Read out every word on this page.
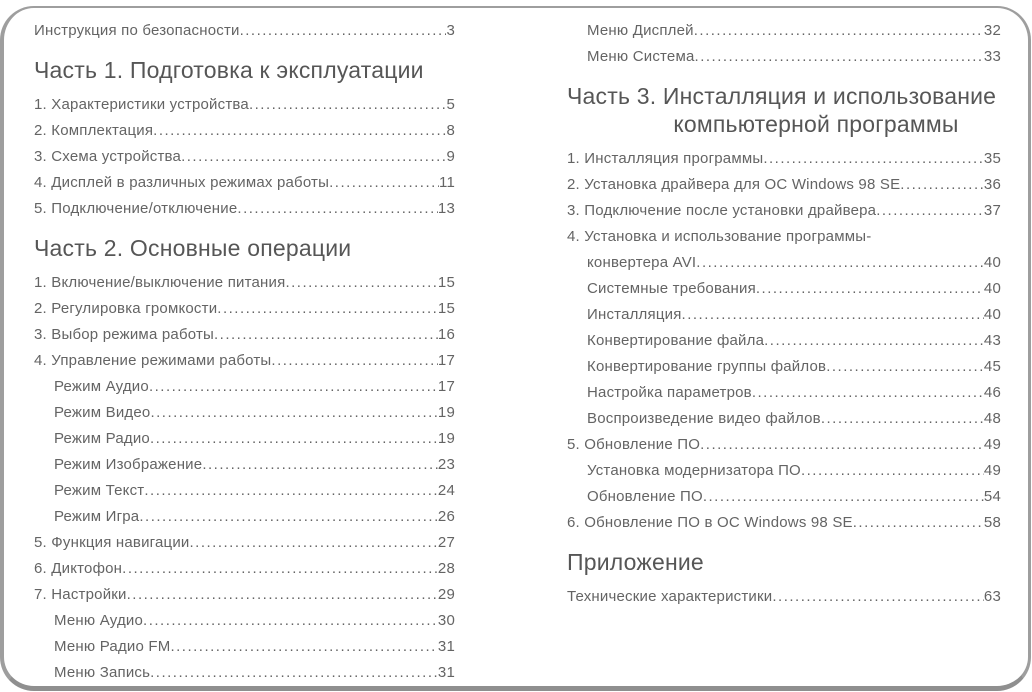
Инструкция по безопасности .....	3
Часть 1. Подготовка к эксплуатации
1. Характеристики устройства .....	5
2. Комплектация .....	8
3. Схема устройства .....	9
4. Дисплей в различных режимах работы .....	11
5. Подключение/отключение .....	13
Часть 2. Основные операции
1. Включение/выключение питания .....	15
2. Регулировка громкости .....	15
3. Выбор режима работы .....	16
4. Управление режимами работы .....	17
Режим Аудио .....	17
Режим Видео .....	19
Режим Радио .....	19
Режим Изображение .....	23
Режим Текст .....	24
Режим Игра .....	26
5. Функция навигации .....	27
6. Диктофон .....	28
7. Настройки .....	29
Меню Аудио .....	30
Меню Радио FM .....	31
Меню Запись .....	31
Меню Дисплей .....	32
Меню Система .....	33
Часть 3. Инсталляция и использование
компьютерной программы
1. Инсталляция программы .....	35
2. Установка драйвера для ОС Windows 98 SE .....	36
3. Подключение после установки драйвера .....	37
4. Установка и использование программы-
конвертера AVI .....	40
Системные требования .....	40
Инсталляция .....	40
Конвертирование файла .....	43
Конвертирование группы файлов .....	45
Настройка параметров .....	46
Воспроизведение видео файлов .....	48
5. Обновление ПО .....	49
Установка модернизатора ПО .....	49
Обновление ПО .....	54
6. Обновление ПО в ОС Windows 98 SE .....	58
Приложение
Технические характеристики .....	63
